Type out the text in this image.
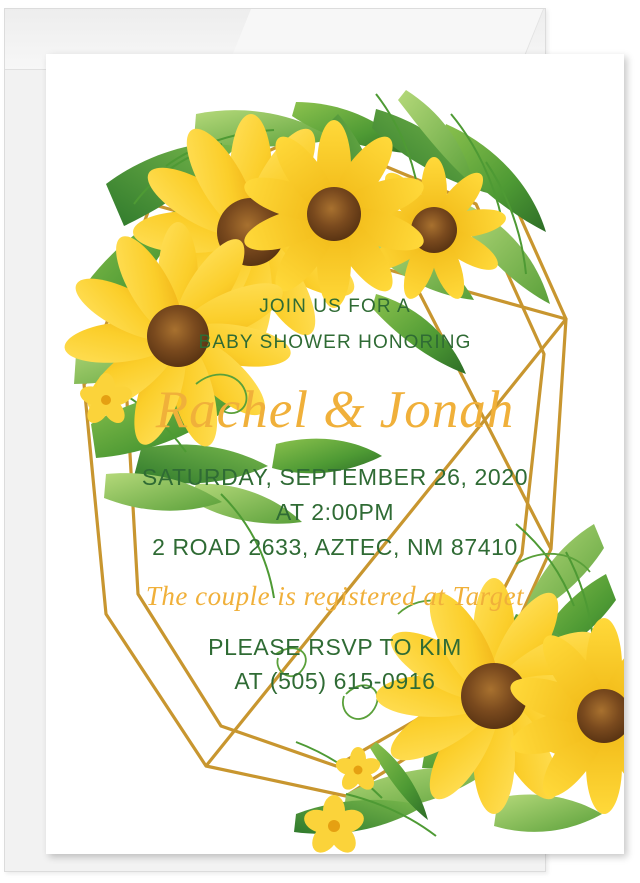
JOIN US FOR A
BABY SHOWER HONORING
Rachel & Jonah
SATURDAY, SEPTEMBER 26, 2020
AT 2:00PM
2 ROAD 2633, AZTEC, NM 87410
The couple is registered at Target
PLEASE RSVP TO KIM
AT (505) 615-0916
